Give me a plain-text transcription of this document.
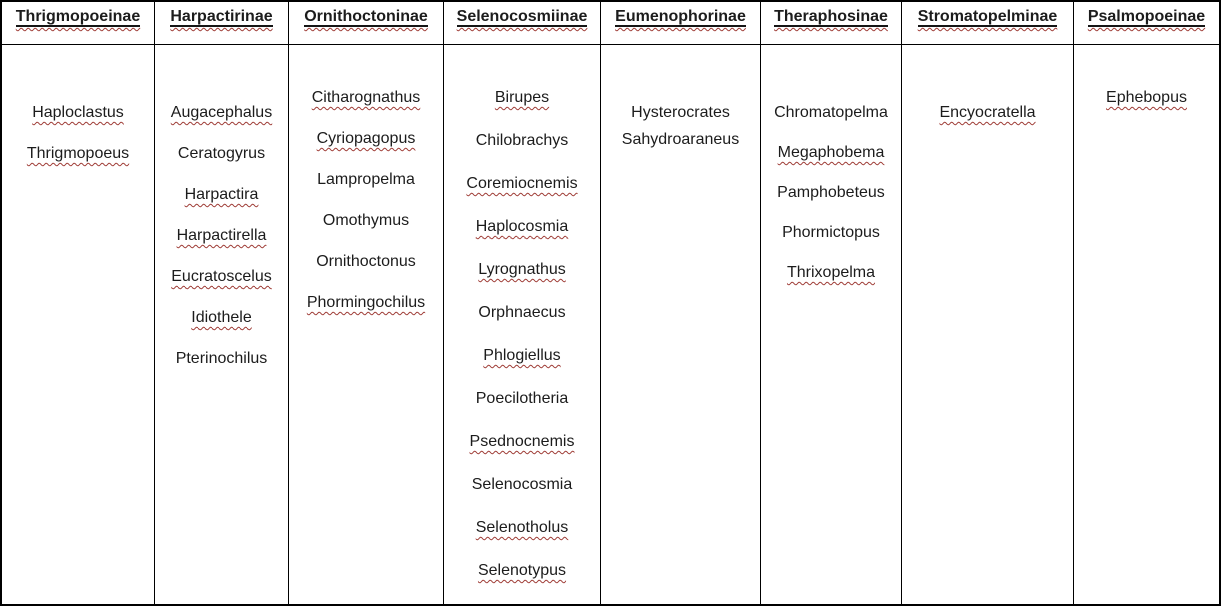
Thrigmopoeinae
Haploclastus
Thrigmopoeus
Harpactirinae
Augacephalus
Ceratogyrus
Harpactira
Harpactirella
Eucratoscelus
Idiothele
Pterinochilus
Ornithoctoninae
Citharognathus
Cyriopagopus
Lampropelma
Omothymus
Ornithoctonus
Phormingochilus
Selenocosmiinae
Birupes
Chilobrachys
Coremiocnemis
Haplocosmia
Lyrognathus
Orphnaecus
Phlogiellus
Poecilotheria
Psednocnemis
Selenocosmia
Selenotholus
Selenotypus
Eumenophorinae
Hysterocrates
Sahydroaraneus
Theraphosinae
Chromatopelma
Megaphobema
Pamphobeteus
Phormictopus
Thrixopelma
Stromatopelminae
Encyocratella
Psalmopoeinae
Ephebopus
